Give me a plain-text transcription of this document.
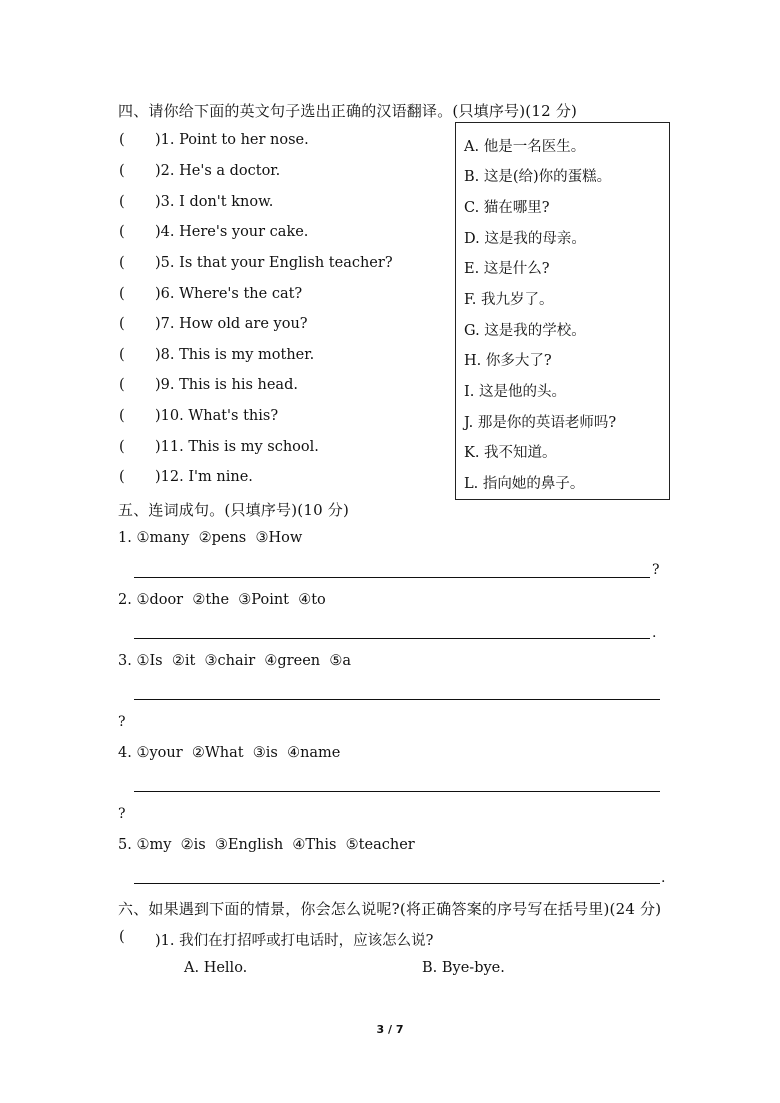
四、请你给下面的英文句子选出正确的汉语翻译。(只填序号)(12 分)
( )1. Point to her nose.
( )2. He's a doctor.
( )3. I don't know.
( )4. Here's your cake.
( )5. Is that your English teacher?
( )6. Where's the cat?
( )7. How old are you?
( )8. This is my mother.
( )9. This is his head.
( )10. What's this?
( )11. This is my school.
( )12. I'm nine.
A. 他是一名医生。
B. 这是(给)你的蛋糕。
C. 猫在哪里?
D. 这是我的母亲。
E. 这是什么?
F. 我九岁了。
G. 这是我的学校。
H. 你多大了?
I. 这是他的头。
J. 那是你的英语老师吗?
K. 我不知道。
L. 指向她的鼻子。
五、连词成句。(只填序号)(10 分)
1. ①many  ②pens  ③How
?
2. ①door  ②the  ③Point  ④to
.
3. ①Is  ②it  ③chair  ④green  ⑤a
?
4. ①your  ②What  ③is  ④name
?
5. ①my  ②is  ③English  ④This  ⑤teacher
.
六、如果遇到下面的情景，你会怎么说呢?(将正确答案的序号写在括号里)(24 分)
( )1. 我们在打招呼或打电话时，应该怎么说?
A. Hello.	B. Bye-bye.
3 / 7
